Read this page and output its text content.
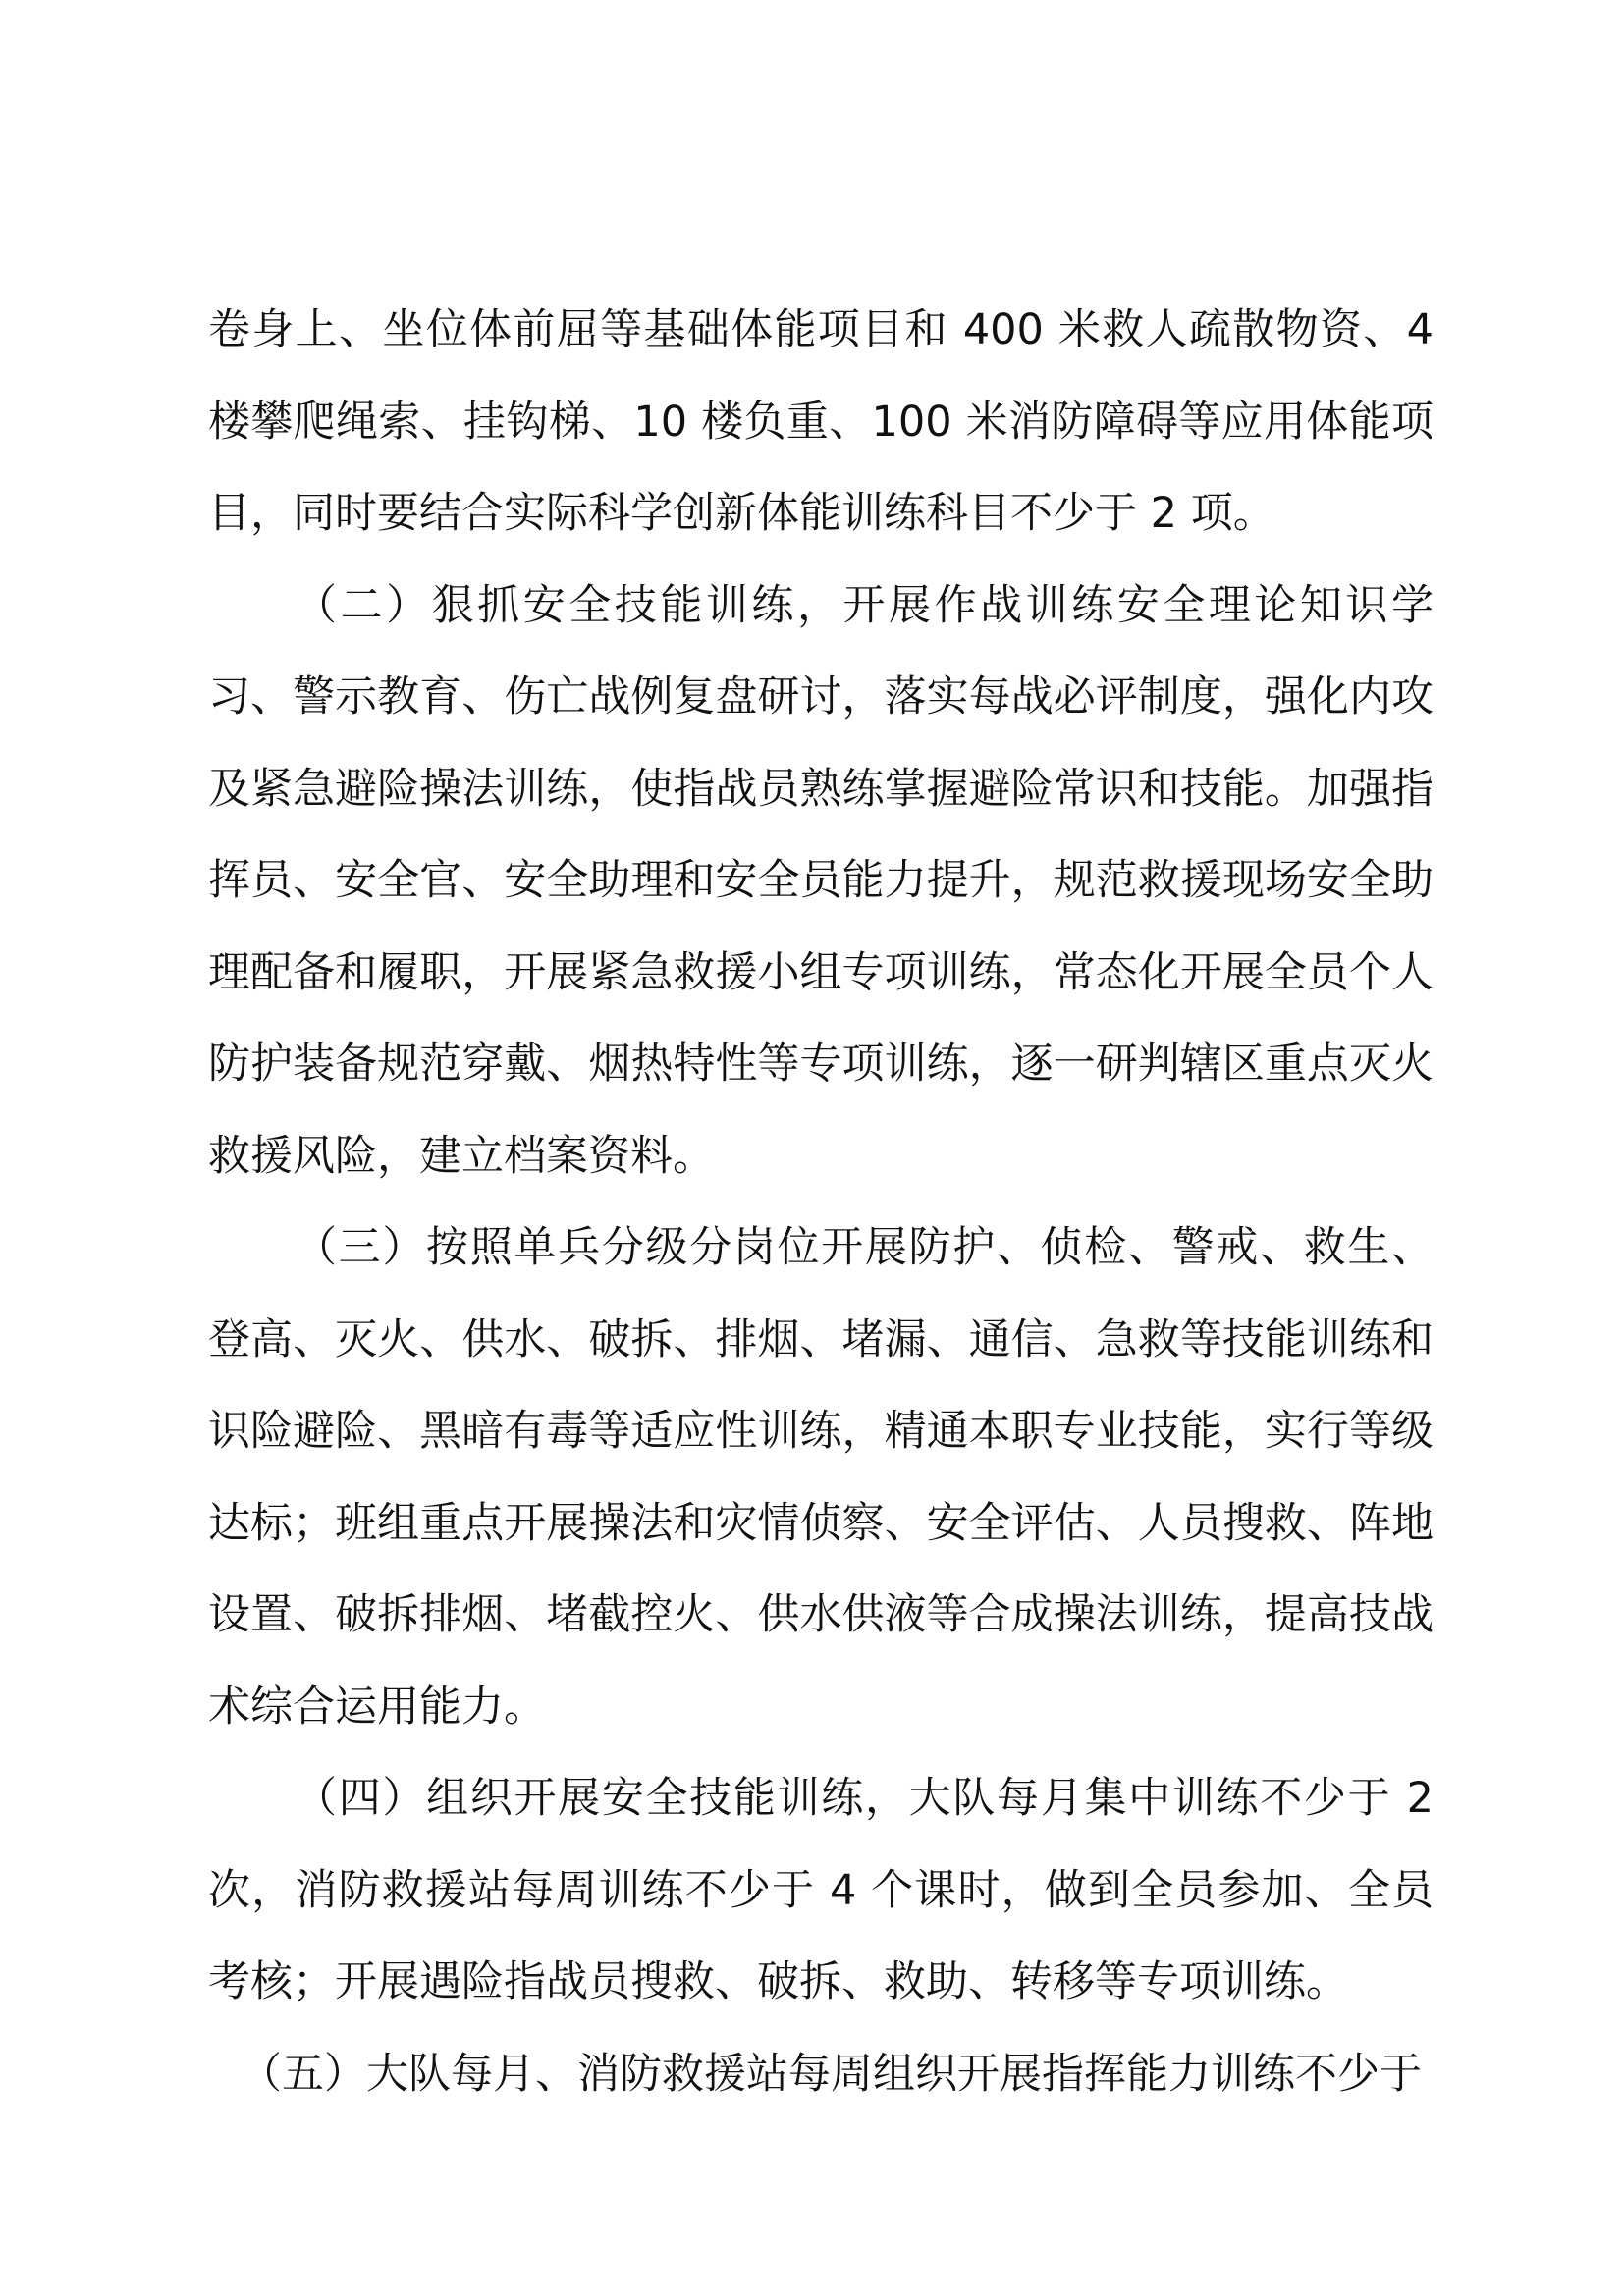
卷身上、坐位体前屈等基础体能项目和 400 米救人疏散物资、4 楼攀爬绳索、挂钩梯、10 楼负重、100 米消防障碍等应用体能项目，同时要结合实际科学创新体能训练科目不少于 2 项。

（二）狠抓安全技能训练，开展作战训练安全理论知识学习、警示教育、伤亡战例复盘研讨，落实每战必评制度，强化内攻及紧急避险操法训练，使指战员熟练掌握避险常识和技能。加强指挥员、安全官、安全助理和安全员能力提升，规范救援现场安全助理配备和履职，开展紧急救援小组专项训练，常态化开展全员个人防护装备规范穿戴、烟热特性等专项训练，逐一研判辖区重点灭火救援风险，建立档案资料。

（三）按照单兵分级分岗位开展防护、侦检、警戒、救生、登高、灭火、供水、破拆、排烟、堵漏、通信、急救等技能训练和识险避险、黑暗有毒等适应性训练，精通本职专业技能，实行等级达标；班组重点开展操法和灾情侦察、安全评估、人员搜救、阵地设置、破拆排烟、堵截控火、供水供液等合成操法训练，提高技战术综合运用能力。

（四）组织开展安全技能训练，大队每月集中训练不少于 2 次，消防救援站每周训练不少于 4 个课时，做到全员参加、全员考核；开展遇险指战员搜救、破拆、救助、转移等专项训练。

（五）大队每月、消防救援站每周组织开展指挥能力训练不少于
